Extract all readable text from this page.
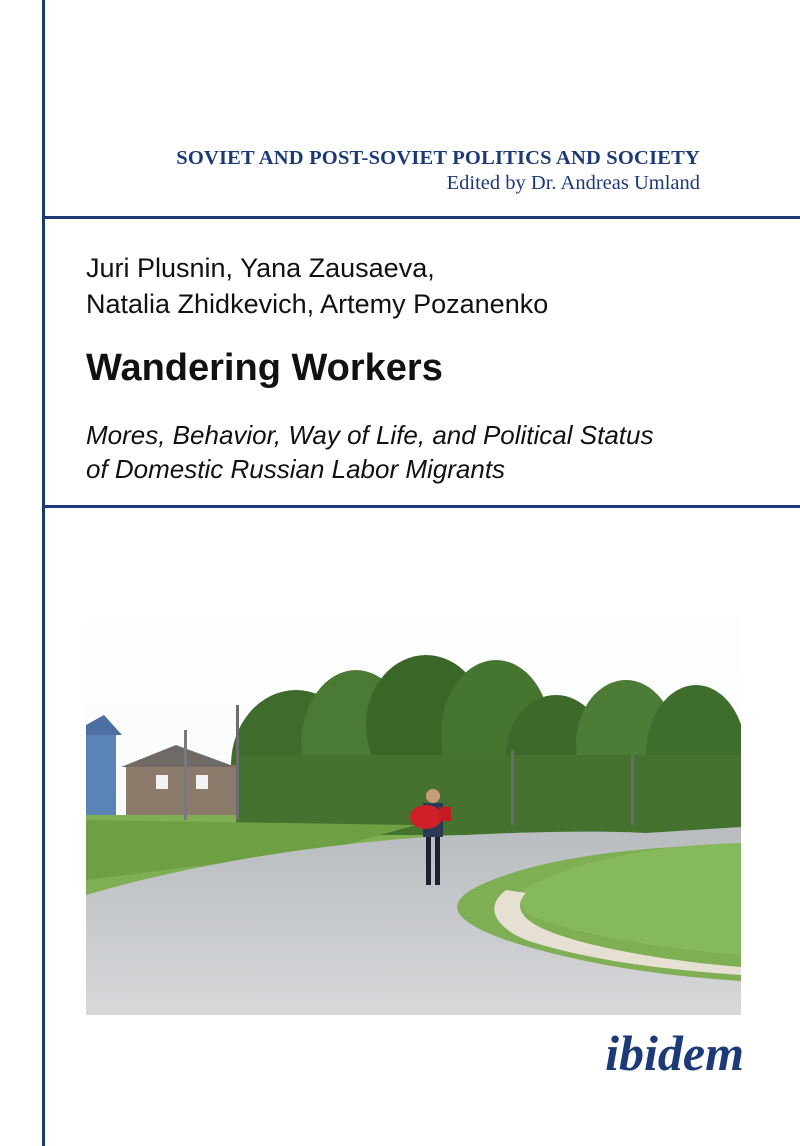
SOVIET AND POST-SOVIET POLITICS AND SOCIETY
Edited by Dr. Andreas Umland
Juri Plusnin, Yana Zausaeva,
Natalia Zhidkevich, Artemy Pozanenko
Wandering Workers
Mores, Behavior, Way of Life, and Political Status
of Domestic Russian Labor Migrants
ibidem
